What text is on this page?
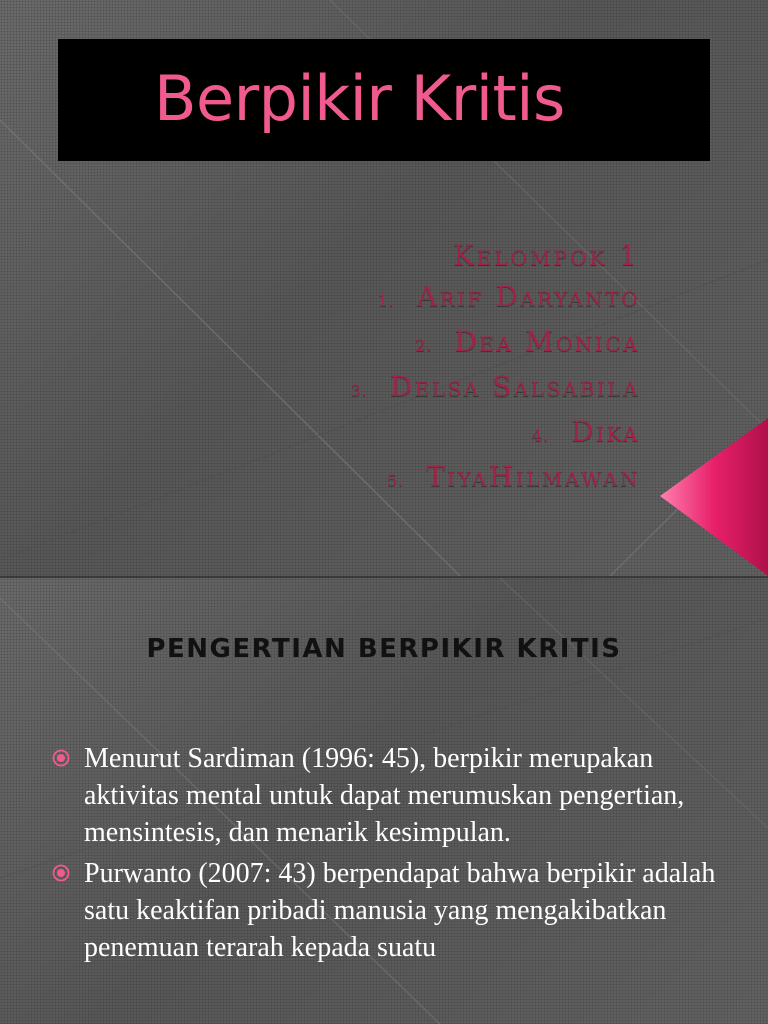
Berpikir Kritis
Kelompok 1
1. Arif Daryanto
2. Dea Monica
3. Delsa Salsabila
4. Dika
5. TiyaHilmawan
PENGERTIAN BERPIKIR KRITIS
Menurut Sardiman (1996: 45), berpikir merupakan aktivitas mental untuk dapat merumuskan pengertian, mensintesis, dan menarik kesimpulan.
Purwanto (2007: 43) berpendapat bahwa berpikir adalah satu keaktifan pribadi manusia yang mengakibatkan penemuan terarah kepada suatu
